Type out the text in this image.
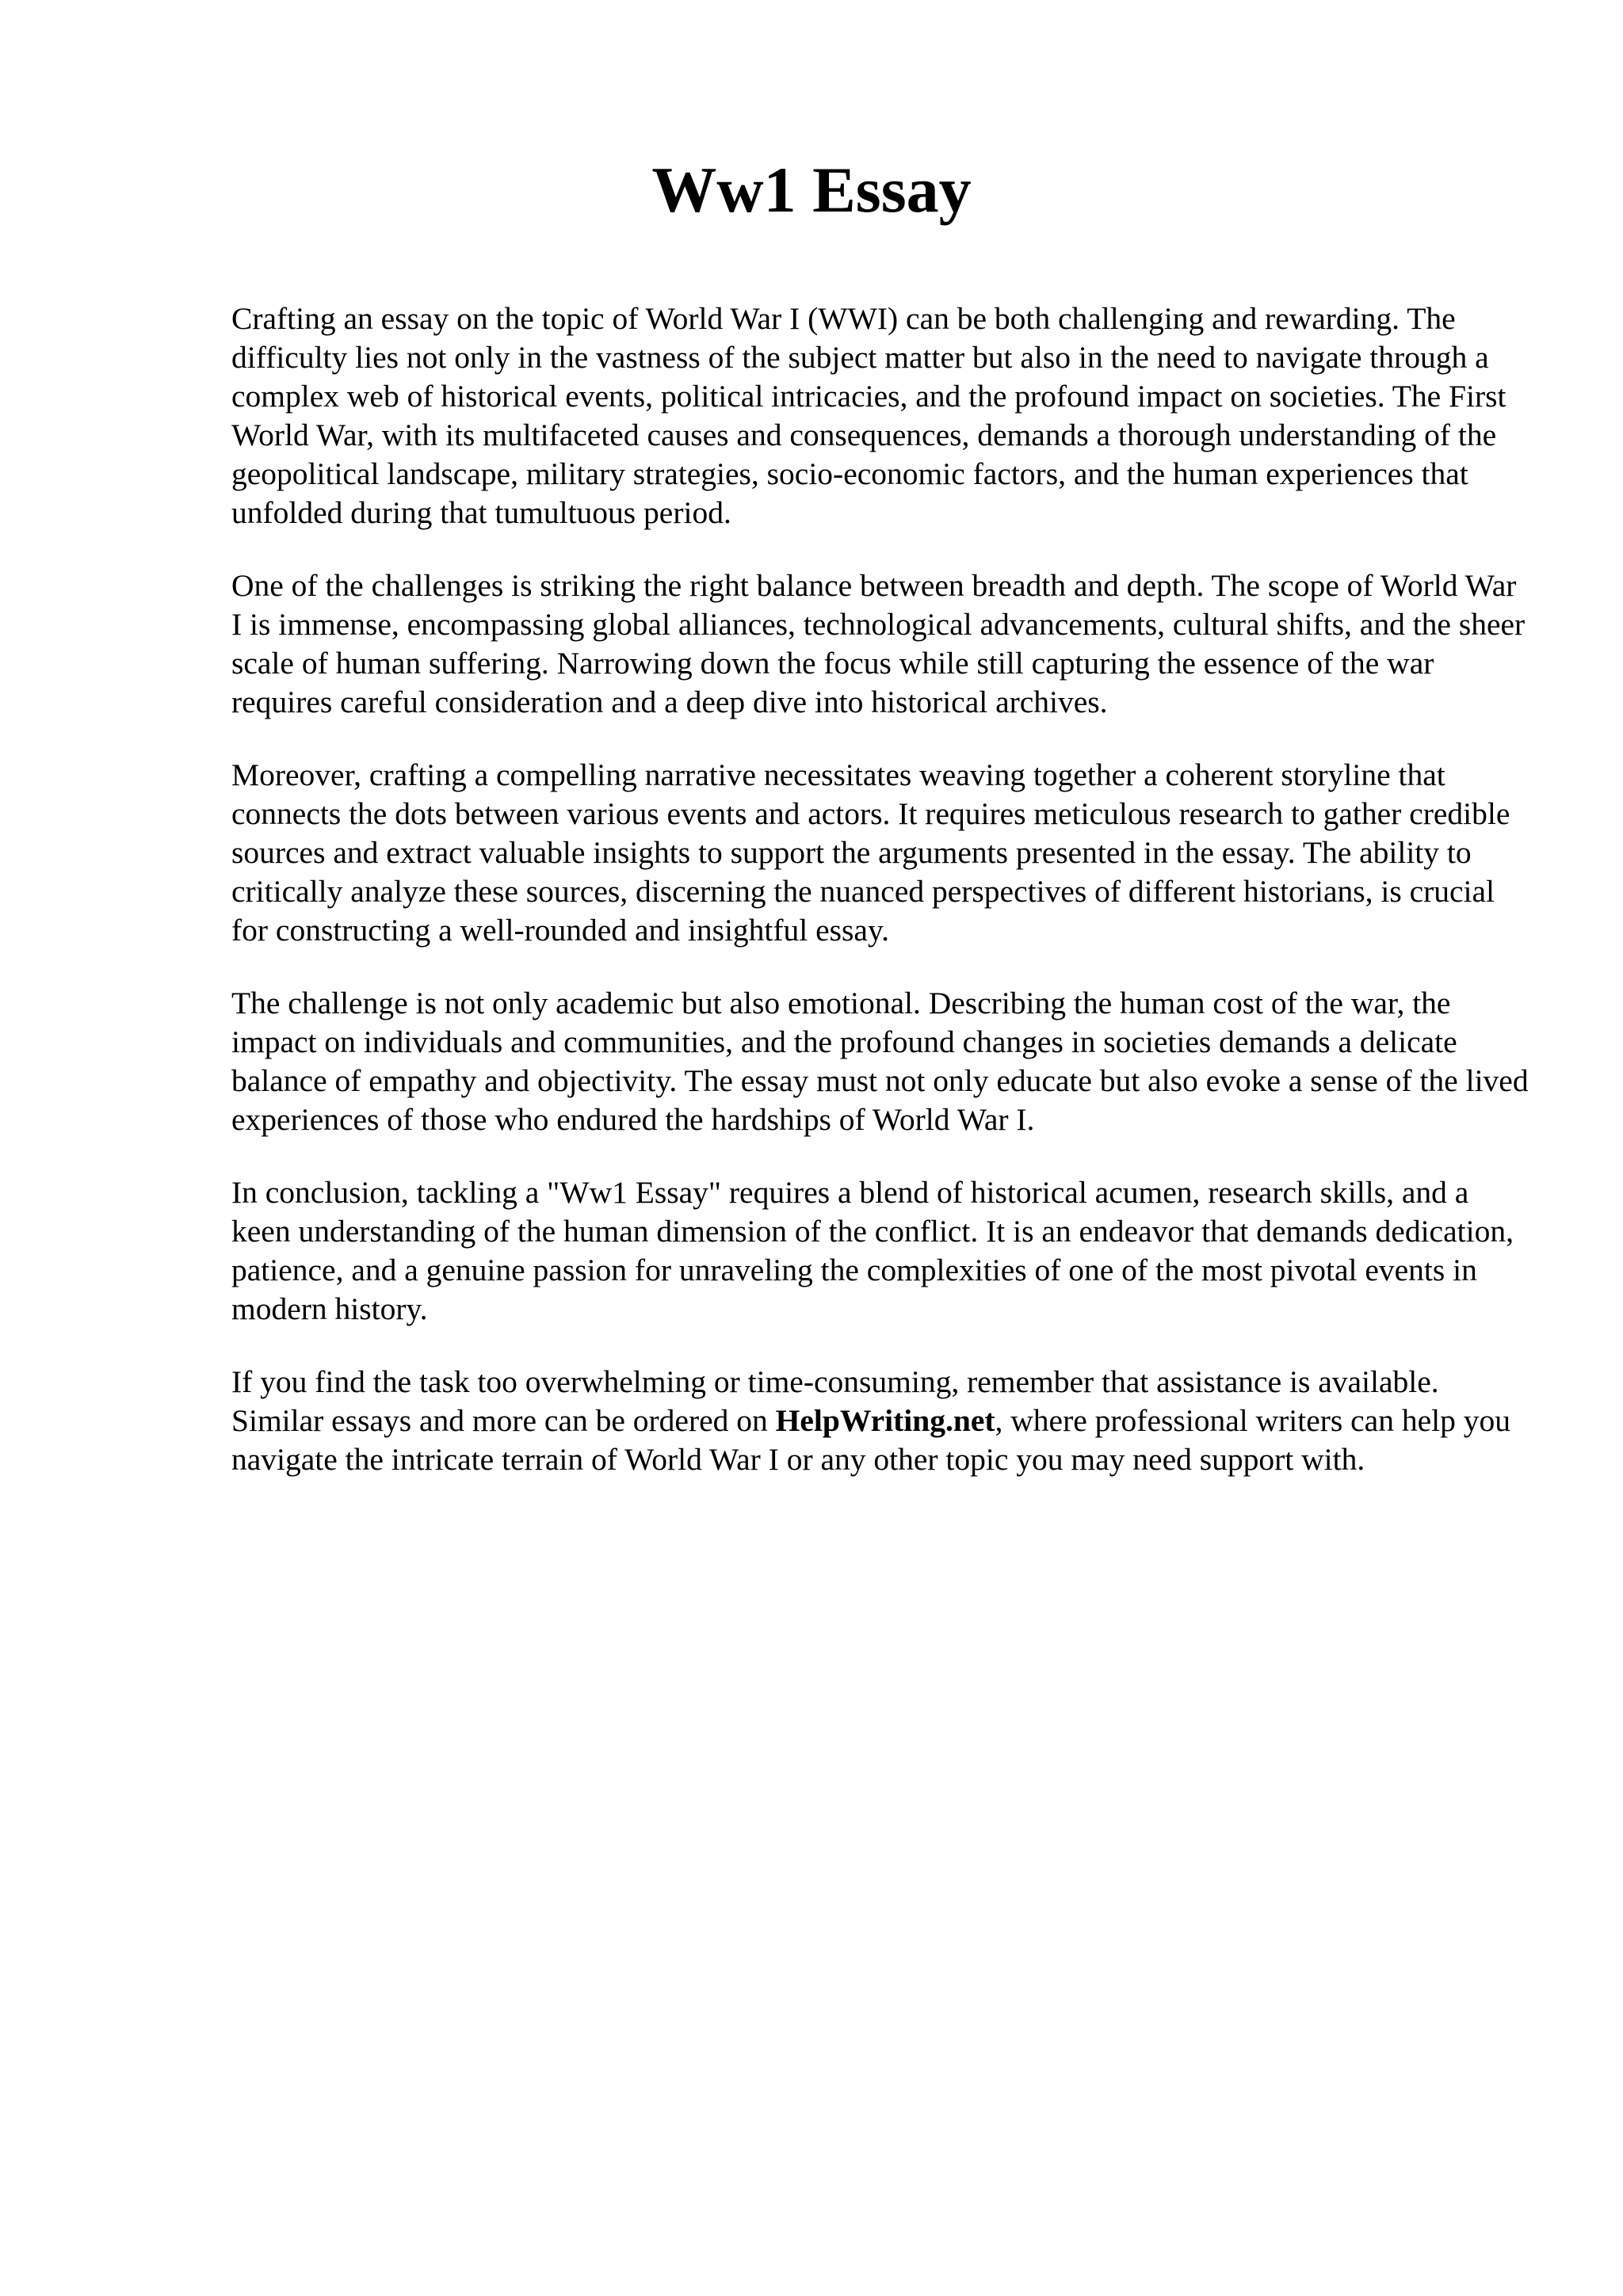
Ww1 Essay

Crafting an essay on the topic of World War I (WWI) can be both challenging and rewarding. The difficulty lies not only in the vastness of the subject matter but also in the need to navigate through a complex web of historical events, political intricacies, and the profound impact on societies. The First World War, with its multifaceted causes and consequences, demands a thorough understanding of the geopolitical landscape, military strategies, socio-economic factors, and the human experiences that unfolded during that tumultuous period.

One of the challenges is striking the right balance between breadth and depth. The scope of World War I is immense, encompassing global alliances, technological advancements, cultural shifts, and the sheer scale of human suffering. Narrowing down the focus while still capturing the essence of the war requires careful consideration and a deep dive into historical archives.

Moreover, crafting a compelling narrative necessitates weaving together a coherent storyline that connects the dots between various events and actors. It requires meticulous research to gather credible sources and extract valuable insights to support the arguments presented in the essay. The ability to critically analyze these sources, discerning the nuanced perspectives of different historians, is crucial for constructing a well-rounded and insightful essay.

The challenge is not only academic but also emotional. Describing the human cost of the war, the impact on individuals and communities, and the profound changes in societies demands a delicate balance of empathy and objectivity. The essay must not only educate but also evoke a sense of the lived experiences of those who endured the hardships of World War I.

In conclusion, tackling a "Ww1 Essay" requires a blend of historical acumen, research skills, and a keen understanding of the human dimension of the conflict. It is an endeavor that demands dedication, patience, and a genuine passion for unraveling the complexities of one of the most pivotal events in modern history.

If you find the task too overwhelming or time-consuming, remember that assistance is available. Similar essays and more can be ordered on HelpWriting.net, where professional writers can help you navigate the intricate terrain of World War I or any other topic you may need support with.
